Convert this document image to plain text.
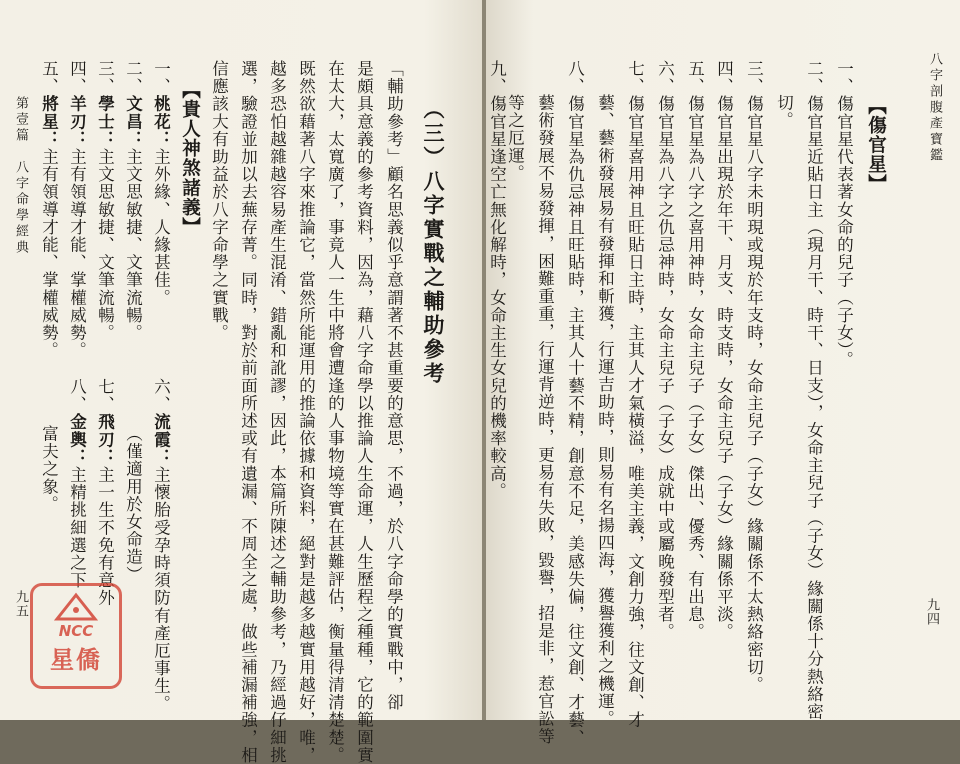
八字剖腹產寶鑑
九四
【傷官星】
一、傷官星代表著女命的兒子（子女）。
二、傷官星近貼日主（現月干、時干、日支），女命主兒子（子女）緣關係十分熱絡密
切。
三、傷官星八字未明現或現於年支時，女命主兒子（子女）緣關係不太熱絡密切。
四、傷官星出現於年干、月支、時支時，女命主兒子（子女）緣關係平淡。
五、傷官星為八字之喜用神時，女命主兒子（子女）傑出、優秀、有出息。
六、傷官星為八字之仇忌神時，女命主兒子（子女）成就中或屬晚發型者。
七、傷官星喜用神且旺貼日主時，主其人才氣橫溢，唯美主義，文創力強，往文創、才
藝、藝術發展易有發揮和斬獲，行運吉助時，則易有名揚四海，獲譽獲利之機運。
八、傷官星為仇忌神且旺貼時，主其人十藝不精，創意不足，美感失偏，往文創、才藝、
藝術發展不易發揮，困難重重，行運背逆時，更易有失敗，毀譽，招是非，惹官訟等
等之厄運。
九、傷官星逢空亡無化解時，女命主生女兒的機率較高。
（三）八字實戰之輔助參考
「輔助參考」顧名思義似乎意謂著不甚重要的意思，不過，於八字命學的實戰中，卻
是頗具意義的參考資料，因為，藉八字命學以推論人生命運，人生歷程之種種，它的範圍實
在太大，太寬廣了，事竟人一生中將會遭逢的人事物境等實在甚難評估，衡量得清清楚楚。
既然欲藉著八字來推論它，當然所能運用的推論依據和資料，絕對是越多越實用越好，唯，
越多恐怕越雜越容易產生混淆、錯亂和訛謬，因此，本篇所陳述之輔助參考，乃經過仔細挑
選，驗證並加以去蕪存菁。同時，對於前面所述或有遺漏、不周全之處，做些補漏補強，相
信應該大有助益於八字命學之實戰。
【貴人神煞諸義】
一、桃花：主外緣、人緣甚佳。
二、文昌：主文思敏捷、文筆流暢。
三、學士：主文思敏捷、文筆流暢。
四、羊刃：主有領導才能、掌權威勢。
五、將星：主有領導才能、掌權威勢。
六、流霞：主懷胎受孕時須防有產厄事生。
（僅適用於女命造）
七、飛刃：主一生不免有意外
八、金輿：主精挑細選之下
富夫之象。
第壹篇　八字命學經典
九五
NCC
星僑
